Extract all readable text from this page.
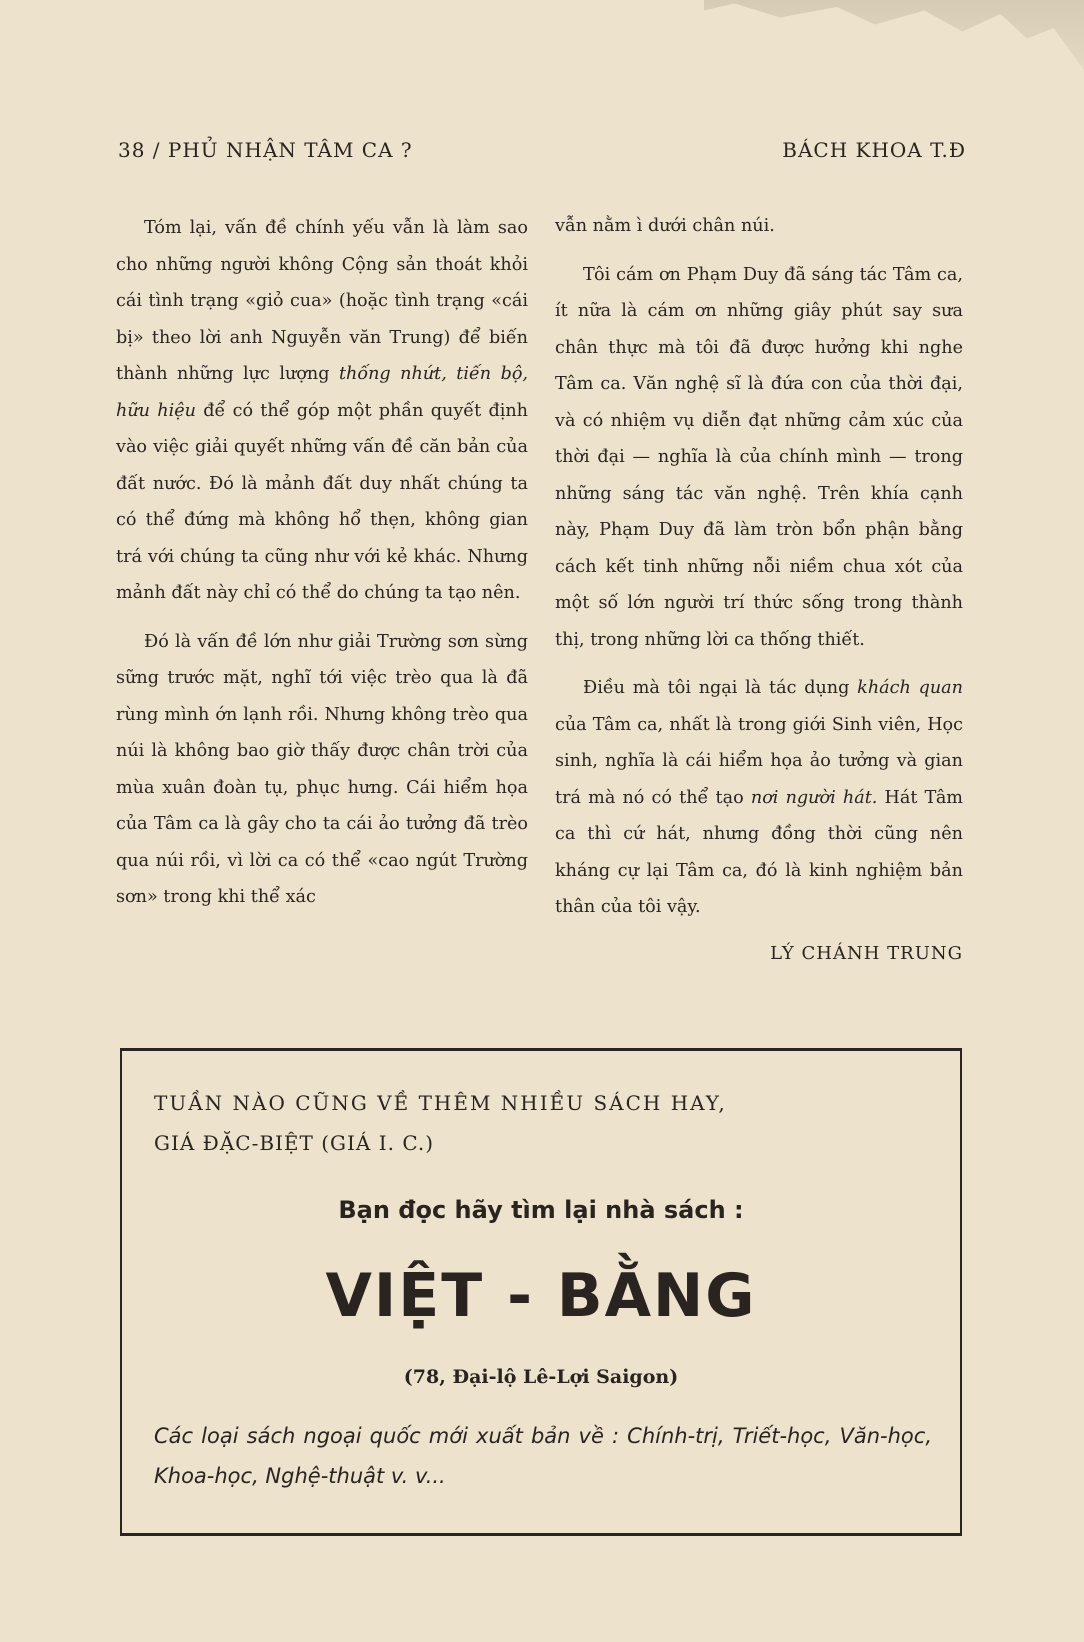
38 / PHỦ NHẬN TÂM CA ?	BÁCH KHOA T.Đ

Tóm lại, vấn đề chính yếu vẫn là làm sao cho những người không Cộng sản thoát khỏi cái tình trạng «giỏ cua» (hoặc tình trạng «cái bị» theo lời anh Nguyễn văn Trung) để biến thành những lực lượng thống nhứt, tiến bộ, hữu hiệu để có thể góp một phần quyết định vào việc giải quyết những vấn đề căn bản của đất nước. Đó là mảnh đất duy nhất chúng ta có thể đứng mà không hổ thẹn, không gian trá với chúng ta cũng như với kẻ khác. Nhưng mảnh đất này chỉ có thể do chúng ta tạo nên.

Đó là vấn đề lớn như giải Trường sơn sừng sững trước mặt, nghĩ tới việc trèo qua là đã rùng mình ớn lạnh rồi. Nhưng không trèo qua núi là không bao giờ thấy được chân trời của mùa xuân đoàn tụ, phục hưng. Cái hiểm họa của Tâm ca là gây cho ta cái ảo tưởng đã trèo qua núi rồi, vì lời ca có thể «cao ngút Trường sơn» trong khi thể xác

vẫn nằm ì dưới chân núi.

Tôi cám ơn Phạm Duy đã sáng tác Tâm ca, ít nữa là cám ơn những giây phút say sưa chân thực mà tôi đã được hưởng khi nghe Tâm ca. Văn nghệ sĩ là đứa con của thời đại, và có nhiệm vụ diễn đạt những cảm xúc của thời đại — nghĩa là của chính mình — trong những sáng tác văn nghệ. Trên khía cạnh này, Phạm Duy đã làm tròn bổn phận bằng cách kết tinh những nỗi niềm chua xót của một số lớn người trí thức sống trong thành thị, trong những lời ca thống thiết.

Điều mà tôi ngại là tác dụng khách quan của Tâm ca, nhất là trong giới Sinh viên, Học sinh, nghĩa là cái hiểm họa ảo tưởng và gian trá mà nó có thể tạo nơi người hát. Hát Tâm ca thì cứ hát, nhưng đồng thời cũng nên kháng cự lại Tâm ca, đó là kinh nghiệm bản thân của tôi vậy.

LÝ CHÁNH TRUNG
TUẦN NÀO CŨNG VỀ THÊM NHIỀU SÁCH HAY,
GIÁ ĐẶC-BIỆT (GIÁ I. C.)
Bạn đọc hãy tìm lại nhà sách :
VIỆT - BẰNG
(78, Đại-lộ Lê-Lợi Saigon)
Các loại sách ngoại quốc mới xuất bản về : Chính-trị, Triết-học, Văn-học, Khoa-học, Nghệ-thuật v. v...
